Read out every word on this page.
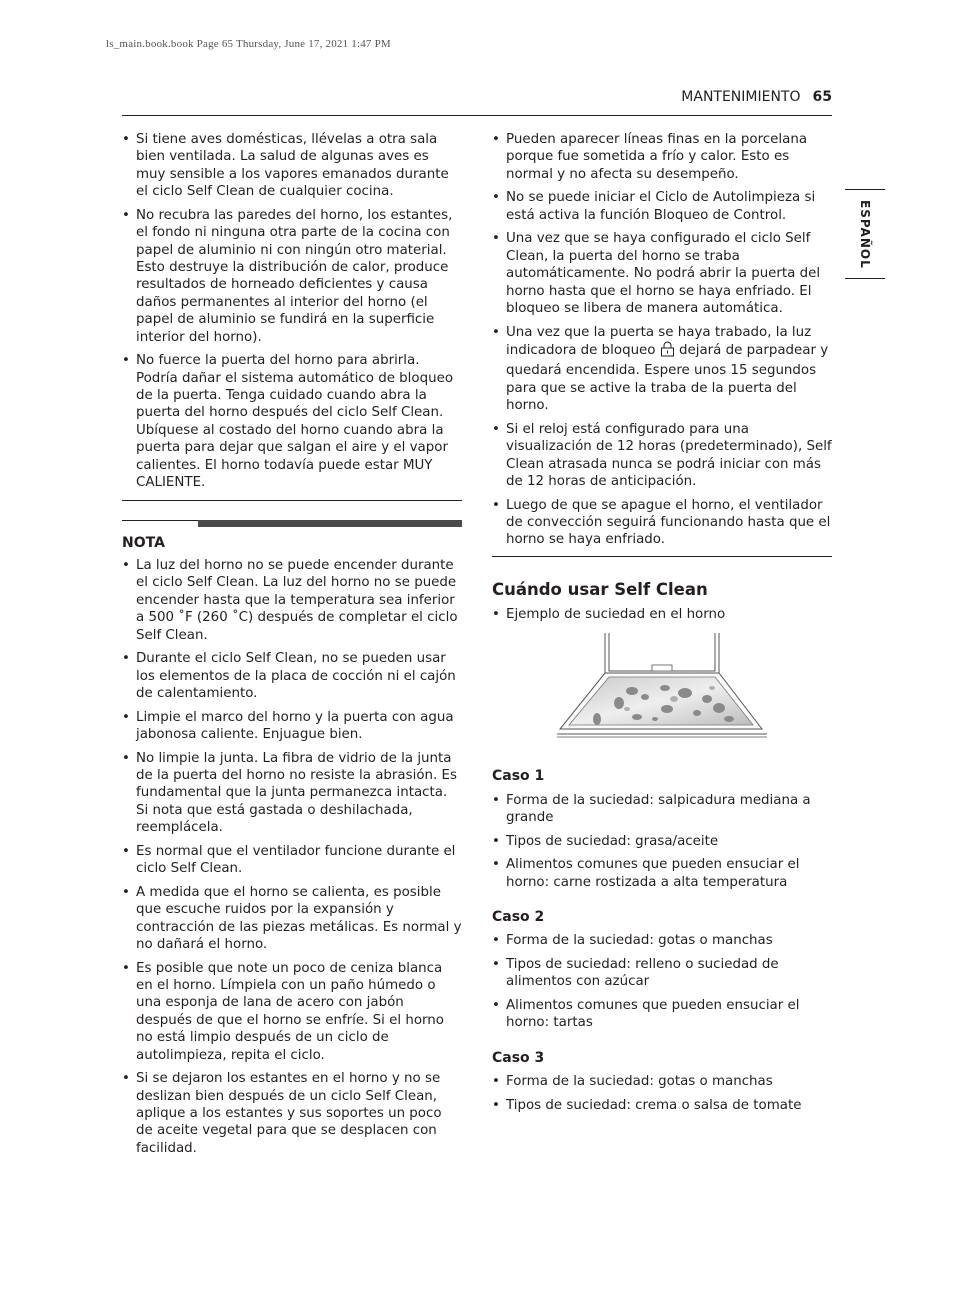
ls_main.book.book Page 65 Thursday, June 17, 2021 1:47 PM
MANTENIMIENTO 65
ESPAÑOL
• Si tiene aves domésticas, llévelas a otra sala bien ventilada. La salud de algunas aves es muy sensible a los vapores emanados durante el ciclo Self Clean de cualquier cocina.
• No recubra las paredes del horno, los estantes, el fondo ni ninguna otra parte de la cocina con papel de aluminio ni con ningún otro material. Esto destruye la distribución de calor, produce resultados de horneado deficientes y causa daños permanentes al interior del horno (el papel de aluminio se fundirá en la superficie interior del horno).
• No fuerce la puerta del horno para abrirla. Podría dañar el sistema automático de bloqueo de la puerta. Tenga cuidado cuando abra la puerta del horno después del ciclo Self Clean. Ubíquese al costado del horno cuando abra la puerta para dejar que salgan el aire y el vapor calientes. El horno todavía puede estar MUY CALIENTE.
NOTA
• La luz del horno no se puede encender durante el ciclo Self Clean. La luz del horno no se puede encender hasta que la temperatura sea inferior a 500 ˚F (260 ˚C) después de completar el ciclo Self Clean.
• Durante el ciclo Self Clean, no se pueden usar los elementos de la placa de cocción ni el cajón de calentamiento.
• Limpie el marco del horno y la puerta con agua jabonosa caliente. Enjuague bien.
• No limpie la junta. La fibra de vidrio de la junta de la puerta del horno no resiste la abrasión. Es fundamental que la junta permanezca intacta. Si nota que está gastada o deshilachada, reemplácela.
• Es normal que el ventilador funcione durante el ciclo Self Clean.
• A medida que el horno se calienta, es posible que escuche ruidos por la expansión y contracción de las piezas metálicas. Es normal y no dañará el horno.
• Es posible que note un poco de ceniza blanca en el horno. Límpiela con un paño húmedo o una esponja de lana de acero con jabón después de que el horno se enfríe. Si el horno no está limpio después de un ciclo de autolimpieza, repita el ciclo.
• Si se dejaron los estantes en el horno y no se deslizan bien después de un ciclo Self Clean, aplique a los estantes y sus soportes un poco de aceite vegetal para que se desplacen con facilidad.
• Pueden aparecer líneas finas en la porcelana porque fue sometida a frío y calor. Esto es normal y no afecta su desempeño.
• No se puede iniciar el Ciclo de Autolimpieza si está activa la función Bloqueo de Control.
• Una vez que se haya configurado el ciclo Self Clean, la puerta del horno se traba automáticamente. No podrá abrir la puerta del horno hasta que el horno se haya enfriado. El bloqueo se libera de manera automática.
• Una vez que la puerta se haya trabado, la luz indicadora de bloqueo  dejará de parpadear y quedará encendida. Espere unos 15 segundos para que se active la traba de la puerta del horno.
• Si el reloj está configurado para una visualización de 12 horas (predeterminado), Self Clean atrasada nunca se podrá iniciar con más de 12 horas de anticipación.
• Luego de que se apague el horno, el ventilador de convección seguirá funcionando hasta que el horno se haya enfriado.
Cuándo usar Self Clean
• Ejemplo de suciedad en el horno
Caso 1
• Forma de la suciedad: salpicadura mediana a grande
• Tipos de suciedad: grasa/aceite
• Alimentos comunes que pueden ensuciar el horno: carne rostizada a alta temperatura
Caso 2
• Forma de la suciedad: gotas o manchas
• Tipos de suciedad: relleno o suciedad de alimentos con azúcar
• Alimentos comunes que pueden ensuciar el horno: tartas
Caso 3
• Forma de la suciedad: gotas o manchas
• Tipos de suciedad: crema o salsa de tomate
